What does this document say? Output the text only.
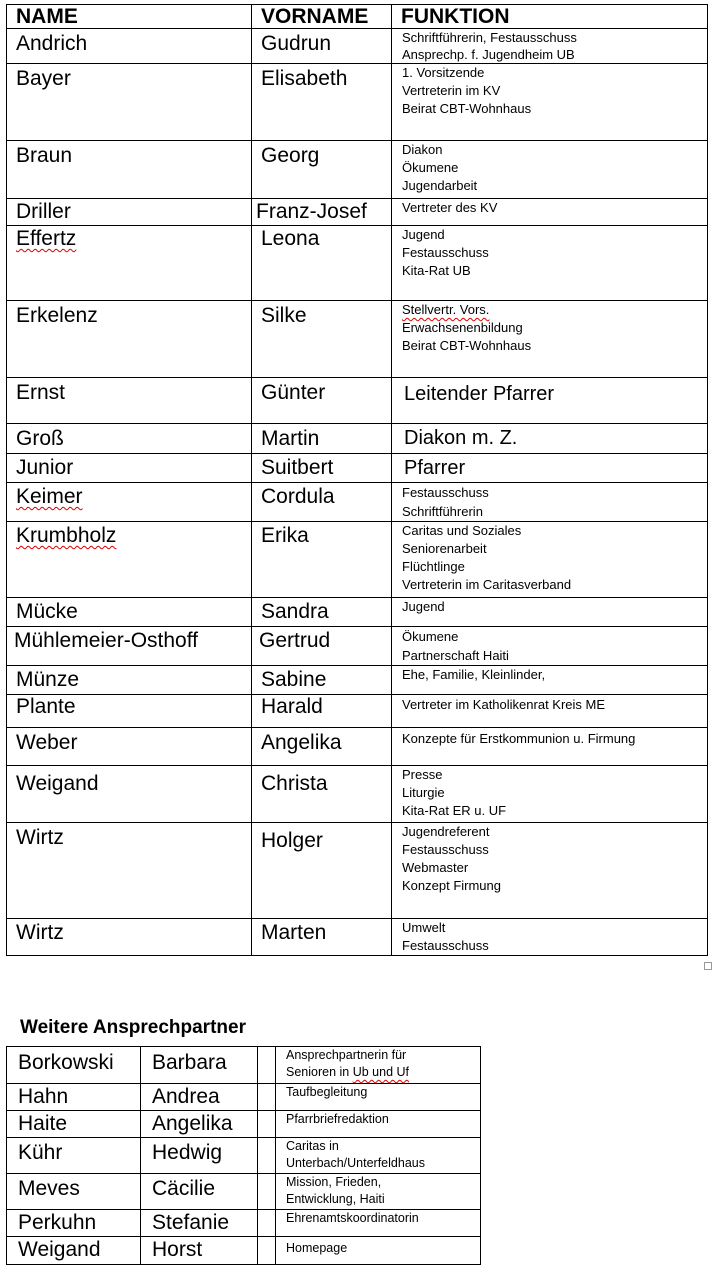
NAME	VORNAME	FUNKTION
Andrich	Gudrun	Schriftführerin, Festausschuss
Ansprechp. f. Jugendheim UB

Bayer	Elisabeth	1. Vorsitzende
Vertreterin im KV
Beirat CBT-Wohnhaus

Braun	Georg	Diakon
Ökumene
Jugendarbeit

Driller	Franz-Josef	Vertreter des KV

Effertz	Leona	Jugend
Festausschuss
Kita-Rat UB

Erkelenz	Silke	Stellvertr. Vors.
Erwachsenenbildung
Beirat CBT-Wohnhaus

Ernst	Günter	Leitender Pfarrer
Groß	Martin	Diakon m. Z.
Junior	Suitbert	Pfarrer
Keimer	Cordula	Festausschuss
Schriftführerin

Krumbholz	Erika	Caritas und Soziales
Seniorenarbeit
Flüchtlinge
Vertreterin im Caritasverband

Mücke	Sandra	Jugend

Mühlemeier-Osthoff	Gertrud	Ökumene
Partnerschaft Haiti

Münze	Sabine	Ehe, Familie, Kleinlinder,

Plante	Harald	Vertreter im Katholikenrat Kreis ME

Weber	Angelika	Konzepte für Erstkommunion u. Firmung

Weigand	Christa	Presse
Liturgie
Kita-Rat ER u. UF

Wirtz	Holger	Jugendreferent
Festausschuss
Webmaster
Konzept Firmung

Wirtz	Marten	Umwelt
Festausschuss
Weitere Ansprechpartner
Borkowski	Barbara		Ansprechpartnerin für
Senioren in Ub und Uf

Hahn	Andrea		Taufbegleitung

Haite	Angelika		Pfarrbriefredaktion

Kühr	Hedwig		Caritas in
Unterbach/Unterfeldhaus

Meves	Cäcilie		Mission, Frieden,
Entwicklung, Haiti

Perkuhn	Stefanie		Ehrenamtskoordinatorin

Weigand	Horst		Homepage
